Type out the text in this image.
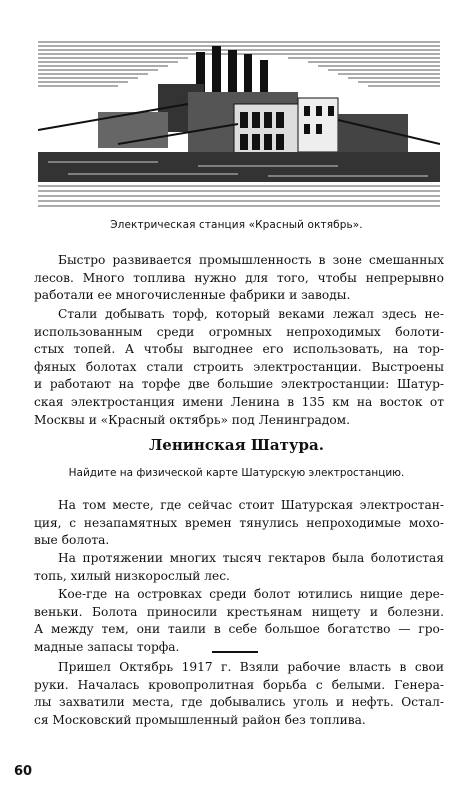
Электрическая станция «Красный октябрь».
Быстро развивается промышленность в зоне смешанных
лесов. Много топлива нужно для того, чтобы непрерывно
работали ее многочисленные фабрики и заводы.
Стали добывать торф, который веками лежал здесь не-
использованным среди огромных непроходимых болоти-
стых топей. А чтобы выгоднее его использовать, на тор-
фяных болотах стали строить электростанции. Выстроены
и работают на торфе две большие электростанции: Шатур-
ская электростанция имени Ленина в 135 км на восток от
Москвы и «Красный октябрь» под Ленинградом.
Ленинская Шатура.
Найдите на физической карте Шатурскую электростанцию.
На том месте, где сейчас стоит Шатурская электростан-
ция, с незапамятных времен тянулись непроходимые мохо-
вые болота.
На протяжении многих тысяч гектаров была болотистая
топь, хилый низкорослый лес.
Кое-где на островках среди болот ютились нищие дере-
веньки. Болота приносили крестьянам нищету и болезни.
А между тем, они таили в себе большое богатство — гро-
мадные запасы торфа.
Пришел Октябрь 1917 г. Взяли рабочие власть в свои
руки. Началась кровопролитная борьба с белыми. Генера-
лы захватили места, где добывались уголь и нефть. Остал-
ся Московский промышленный район без топлива.
60
